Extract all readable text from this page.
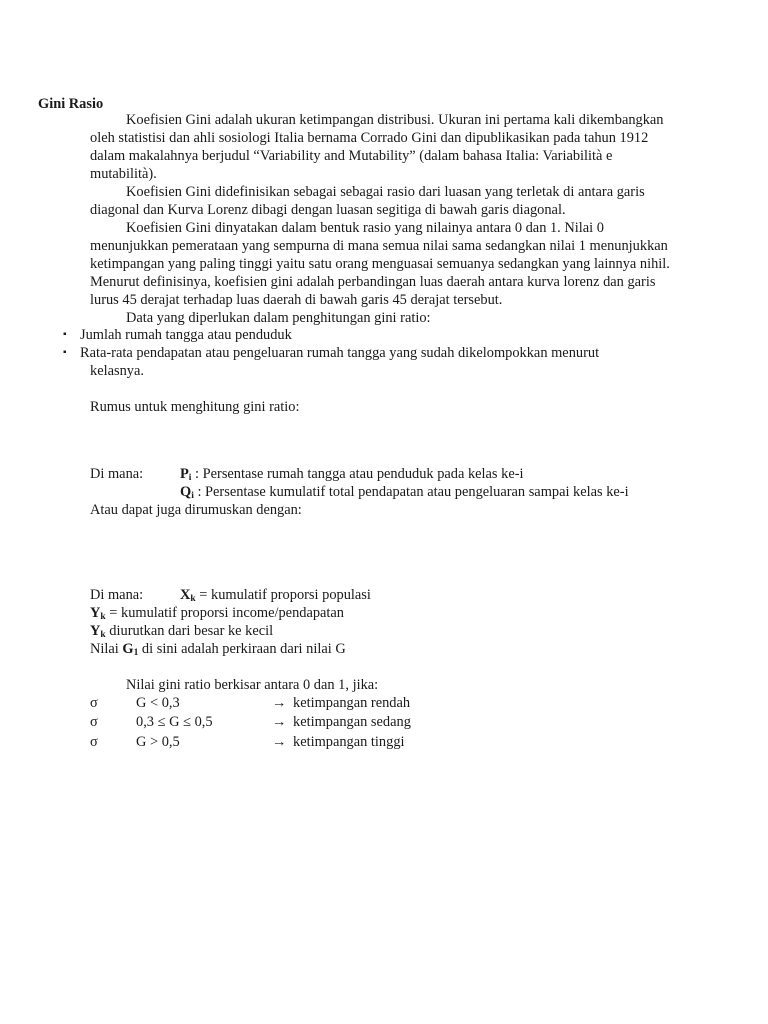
Gini Rasio
Koefisien Gini adalah ukuran ketimpangan distribusi. Ukuran ini pertama kali dikembangkan oleh statistisi dan ahli sosiologi Italia bernama Corrado Gini dan dipublikasikan pada tahun 1912 dalam makalahnya berjudul “Variability and Mutability” (dalam bahasa Italia: Variabilità e mutabilità).
Koefisien Gini didefinisikan sebagai sebagai rasio dari luasan yang terletak di antara garis diagonal dan Kurva Lorenz dibagi dengan luasan segitiga di bawah garis diagonal.
Koefisien Gini dinyatakan dalam bentuk rasio yang nilainya antara 0 dan 1. Nilai 0 menunjukkan pemerataan yang sempurna di mana semua nilai sama sedangkan nilai 1 menunjukkan ketimpangan yang paling tinggi yaitu satu orang menguasai semuanya sedangkan yang lainnya nihil. Menurut definisinya, koefisien gini adalah perbandingan luas daerah antara kurva lorenz dan garis lurus 45 derajat terhadap luas daerah di bawah garis 45 derajat tersebut.
Data yang diperlukan dalam penghitungan gini ratio:
▪ Jumlah rumah tangga atau penduduk
▪ Rata-rata pendapatan atau pengeluaran rumah tangga yang sudah dikelompokkan menurut
kelasnya.
Rumus untuk menghitung gini ratio:
Di mana:	$P_i$ : Persentase rumah tangga atau penduduk pada kelas ke-i
$Q_i$ : Persentase kumulatif total pendapatan atau pengeluaran sampai kelas ke-i
Atau dapat juga dirumuskan dengan:
Di mana:	$X_k$ = kumulatif proporsi populasi
$Y_k$ = kumulatif proporsi income/pendapatan
$Y_k$ diurutkan dari besar ke kecil
Nilai $G_1$ di sini adalah perkiraan dari nilai G
Nilai gini ratio berkisar antara 0 dan 1, jika:
σ	G < 0,3	→ ketimpangan rendah
σ	0,3 ≤ G ≤ 0,5	→ ketimpangan sedang
σ	G > 0,5	→ ketimpangan tinggi
